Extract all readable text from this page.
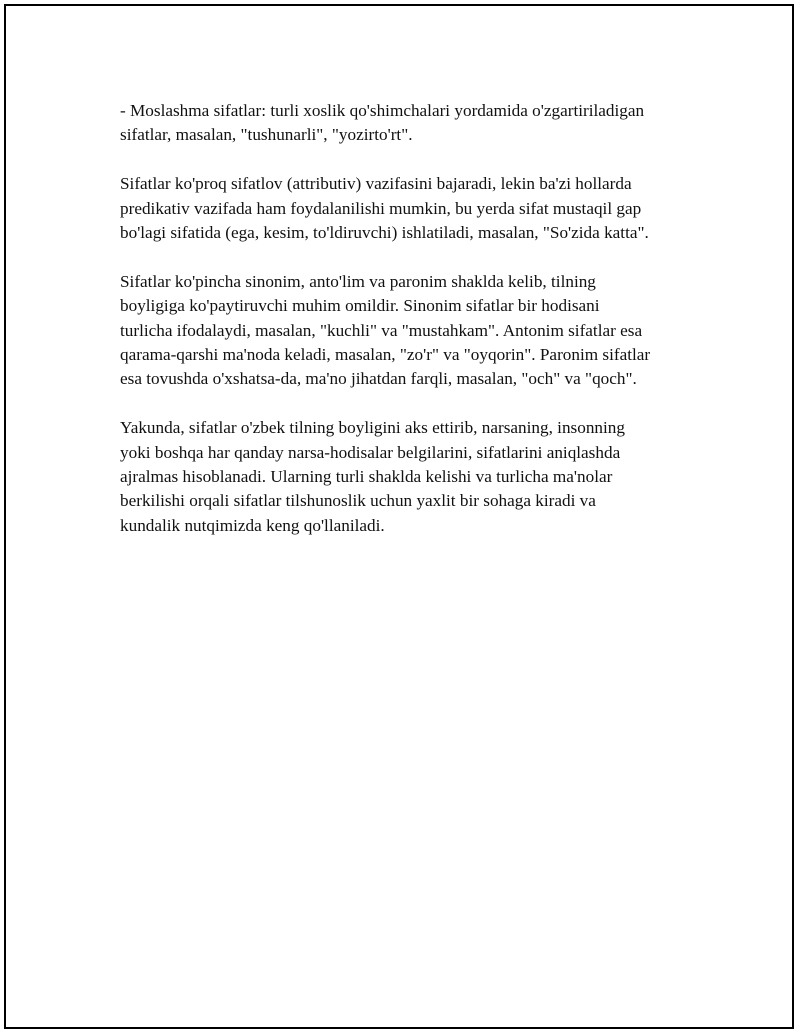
- Moslashma sifatlar: turli xoslik qo'shimchalari yordamida o'zgartiriladigan
sifatlar, masalan, "tushunarli", "yozirto'rt".

Sifatlar ko'proq sifatlov (attributiv) vazifasini bajaradi, lekin ba'zi hollarda
predikativ vazifada ham foydalanilishi mumkin, bu yerda sifat mustaqil gap
bo'lagi sifatida (ega, kesim, to'ldiruvchi) ishlatiladi, masalan, "So'zida katta".

Sifatlar ko'pincha sinonim, anto'lim va paronim shaklda kelib, tilning
boyligiga ko'paytiruvchi muhim omildir. Sinonim sifatlar bir hodisani
turlicha ifodalaydi, masalan, "kuchli" va "mustahkam". Antonim sifatlar esa
qarama-qarshi ma'noda keladi, masalan, "zo'r" va "oyqorin". Paronim sifatlar
esa tovushda o'xshatsa-da, ma'no jihatdan farqli, masalan, "och" va "qoch".

Yakunda, sifatlar o'zbek tilning boyligini aks ettirib, narsaning, insonning
yoki boshqa har qanday narsa-hodisalar belgilarini, sifatlarini aniqlashda
ajralmas hisoblanadi. Ularning turli shaklda kelishi va turlicha ma'nolar
berkilishi orqali sifatlar tilshunoslik uchun yaxlit bir sohaga kiradi va
kundalik nutqimizda keng qo'llaniladi.
